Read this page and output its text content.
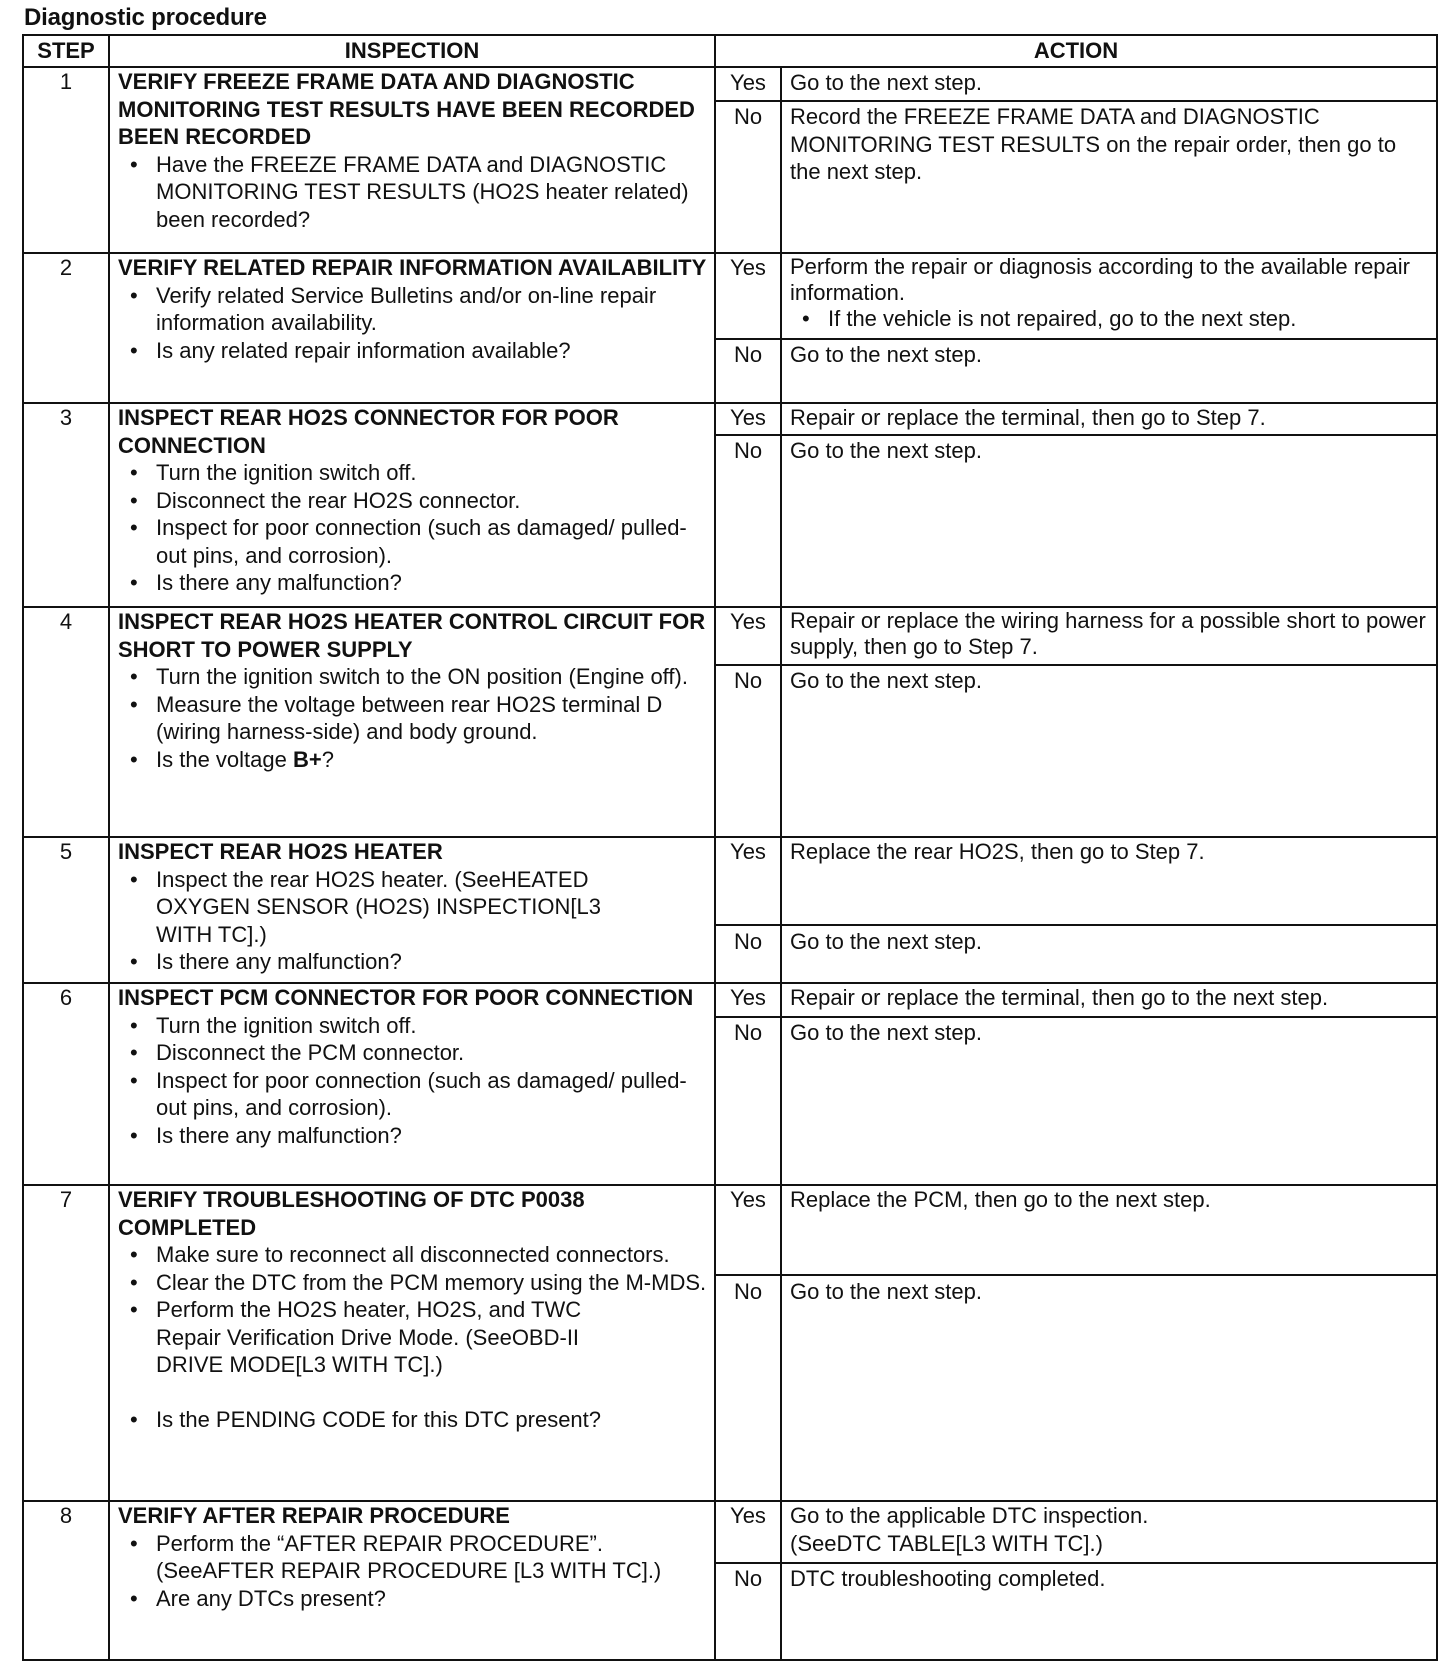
Diagnostic procedure
STEP	INSPECTION	ACTION
1	VERIFY FREEZE FRAME DATA AND DIAGNOSTIC MONITORING TEST RESULTS HAVE BEEN RECORDED BEEN RECORDED
• Have the FREEZE FRAME DATA and DIAGNOSTIC MONITORING TEST RESULTS (HO2S heater related) been recorded?
Yes	Go to the next step.
No	Record the FREEZE FRAME DATA and DIAGNOSTIC MONITORING TEST RESULTS on the repair order, then go to the next step.
2	VERIFY RELATED REPAIR INFORMATION AVAILABILITY
• Verify related Service Bulletins and/or on-line repair information availability.
• Is any related repair information available?
Yes	Perform the repair or diagnosis according to the available repair information.
• If the vehicle is not repaired, go to the next step.
No	Go to the next step.
3	INSPECT REAR HO2S CONNECTOR FOR POOR CONNECTION
• Turn the ignition switch off.
• Disconnect the rear HO2S connector.
• Inspect for poor connection (such as damaged/ pulled-out pins, and corrosion).
• Is there any malfunction?
Yes	Repair or replace the terminal, then go to Step 7.
No	Go to the next step.
4	INSPECT REAR HO2S HEATER CONTROL CIRCUIT FOR SHORT TO POWER SUPPLY
• Turn the ignition switch to the ON position (Engine off).
• Measure the voltage between rear HO2S terminal D (wiring harness-side) and body ground.
• Is the voltage B+?
Yes	Repair or replace the wiring harness for a possible short to power supply, then go to Step 7.
No	Go to the next step.
5	INSPECT REAR HO2S HEATER
• Inspect the rear HO2S heater. (SeeHEATED OXYGEN SENSOR (HO2S) INSPECTION[L3 WITH TC].)
• Is there any malfunction?
Yes	Replace the rear HO2S, then go to Step 7.
No	Go to the next step.
6	INSPECT PCM CONNECTOR FOR POOR CONNECTION
• Turn the ignition switch off.
• Disconnect the PCM connector.
• Inspect for poor connection (such as damaged/ pulled-out pins, and corrosion).
• Is there any malfunction?
Yes	Repair or replace the terminal, then go to the next step.
No	Go to the next step.
7	VERIFY TROUBLESHOOTING OF DTC P0038 COMPLETED
• Make sure to reconnect all disconnected connectors.
• Clear the DTC from the PCM memory using the M-MDS.
• Perform the HO2S heater, HO2S, and TWC Repair Verification Drive Mode. (SeeOBD-II DRIVE MODE[L3 WITH TC].)
• Is the PENDING CODE for this DTC present?
Yes	Replace the PCM, then go to the next step.
No	Go to the next step.
8	VERIFY AFTER REPAIR PROCEDURE
• Perform the “AFTER REPAIR PROCEDURE”. (SeeAFTER REPAIR PROCEDURE [L3 WITH TC].)
• Are any DTCs present?
Yes	Go to the applicable DTC inspection. (SeeDTC TABLE[L3 WITH TC].)
No	DTC troubleshooting completed.
